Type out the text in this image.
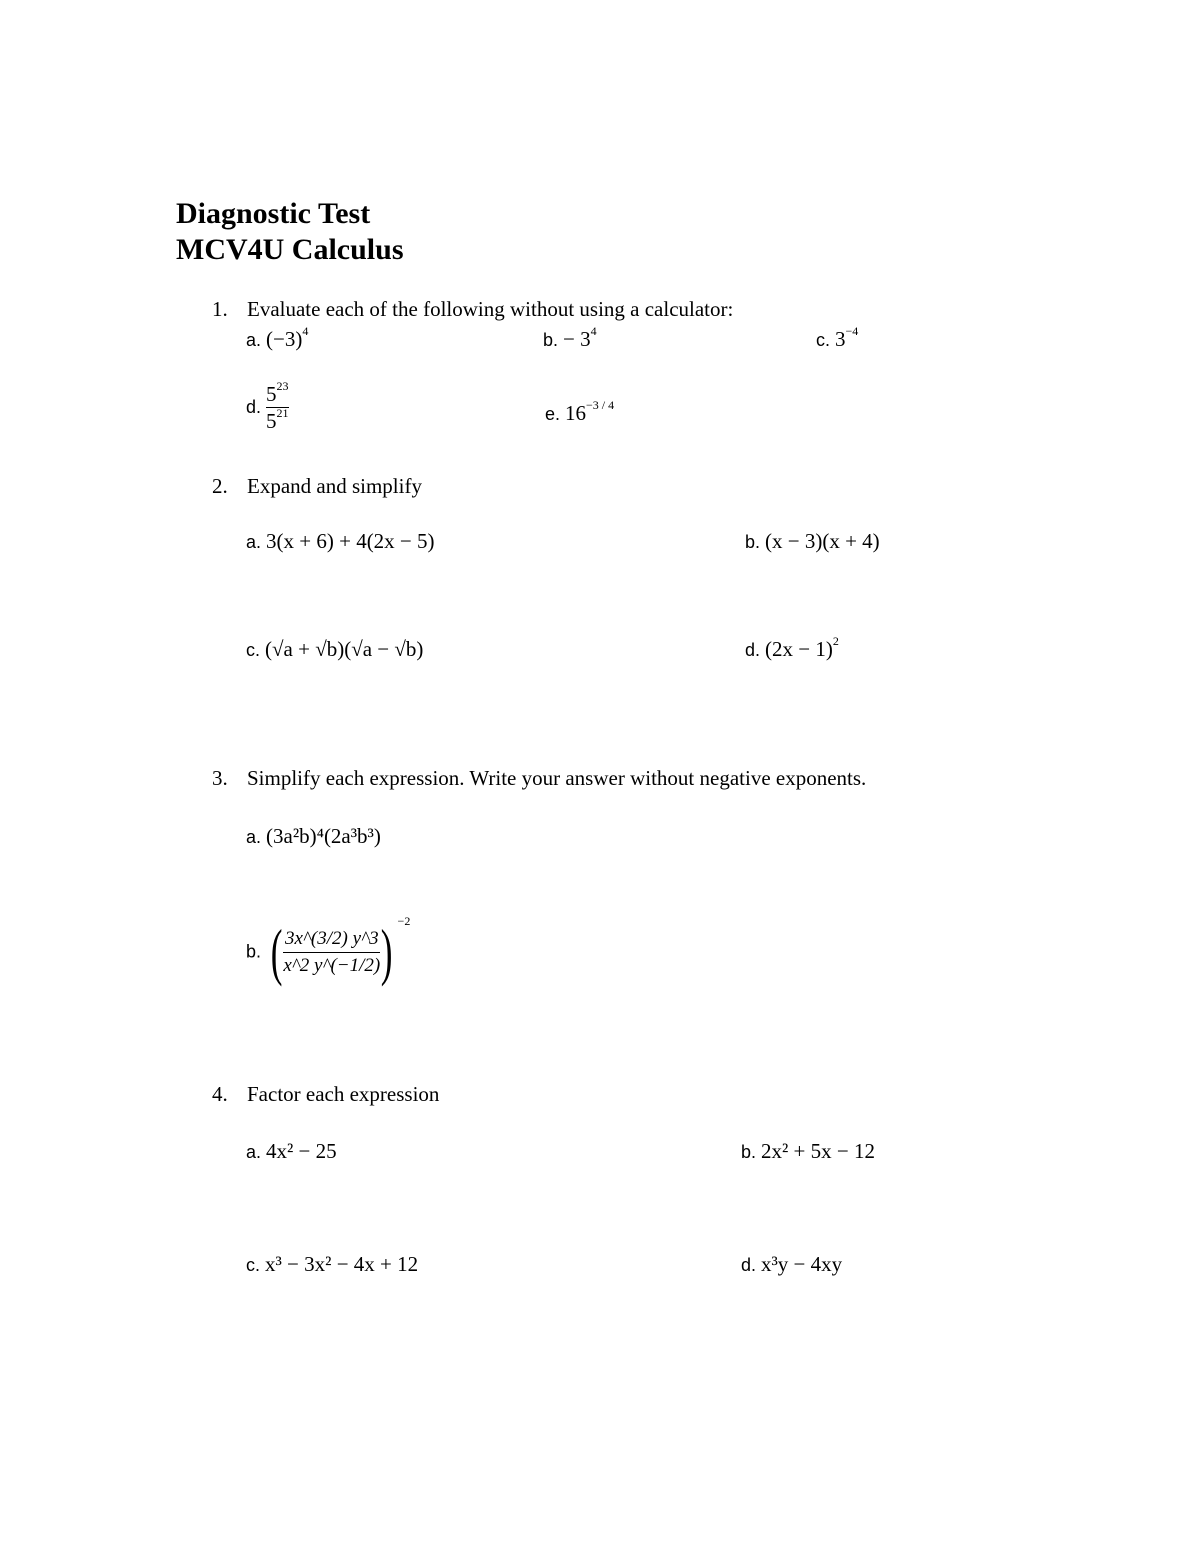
Diagnostic Test
MCV4U Calculus
1. Evaluate each of the following without using a calculator:
a. $(-3)^4$	b. − $3^4$	c. $3^{-4}$
d. $\frac{5^{23}}{5^{21}}$	e. $16^{-3 / 4}$
2. Expand and simplify
a. 3(x + 6) + 4(2x − 5)	b. (x − 3)(x + 4)
c. (√a + √b)(√a − √b)	d. $(2x - 1)^2$
3. Simplify each expression. Write your answer without negative exponents.
a. (3a²b)⁴(2a³b³)
b. ( $\frac{3x\^{}(3/2) y\^{}3}{x\^{}2 y\^{}(-1/2)}$ ) $^{-2}$
4. Factor each expression
a. 4x² − 25	b. 2x² + 5x − 12
c. x³ − 3x² − 4x + 12	d. x³y − 4xy
